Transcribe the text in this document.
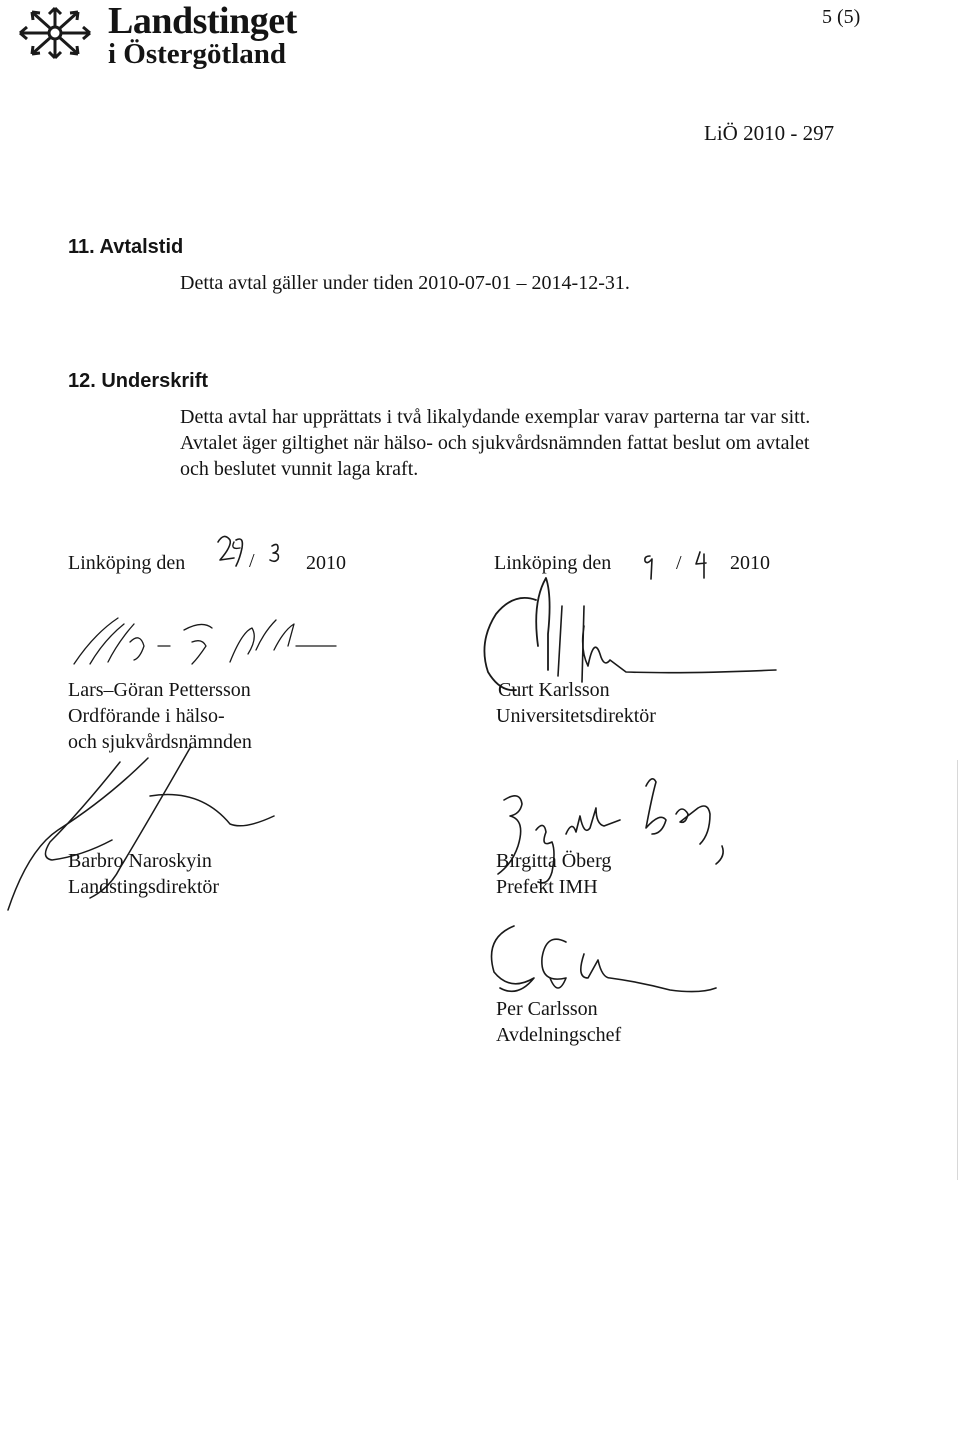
Landstinget
i Östergötland
5 (5)
LiÖ 2010 - 297
11. Avtalstid
Detta avtal gäller under tiden 2010-07-01 – 2014-12-31.
12. Underskrift
Detta avtal har upprättats i två likalydande exemplar varav parterna tar var sitt.
Avtalet äger giltighet när hälso- och sjukvårdsnämnden fattat beslut om avtalet
och beslutet vunnit laga kraft.
Linköping den	/	2010	Linköping den	/ 2010
Lars–Göran Pettersson
Ordförande i hälso-
och sjukvårdsnämnden
Curt Karlsson
Universitetsdirektör
Barbro Naroskyin
Landstingsdirektör
Birgitta Öberg
Prefekt IMH
Per Carlsson
Avdelningschef
